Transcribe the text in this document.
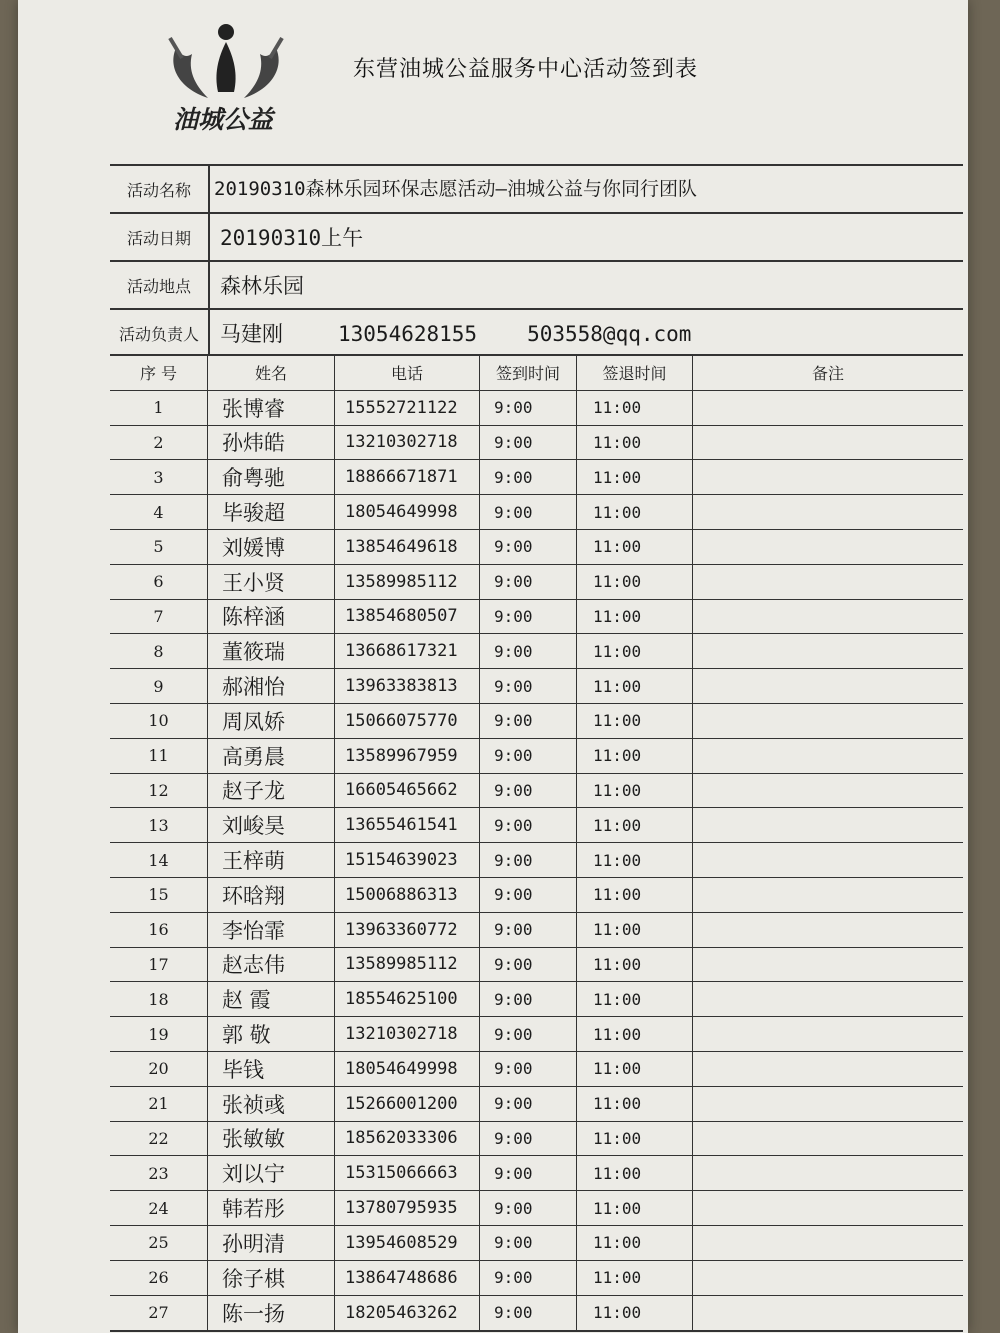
油城公益
东营油城公益服务中心活动签到表
活动名称	20190310森林乐园环保志愿活动—油城公益与你同行团队
活动日期	20190310上午
活动地点	森林乐园
活动负责人	马建刚	13054628155 503558@qq.com
序 号	姓名	电话	签到时间	签退时间	备注
1	张博睿	15552721122	9:00	11:00
2	孙炜皓	13210302718	9:00	11:00
3	俞粤驰	18866671871	9:00	11:00
4	毕骏超	18054649998	9:00	11:00
5	刘媛博	13854649618	9:00	11:00
6	王小贤	13589985112	9:00	11:00
7	陈梓涵	13854680507	9:00	11:00
8	董筱瑞	13668617321	9:00	11:00
9	郝湘怡	13963383813	9:00	11:00
10	周凤娇	15066075770	9:00	11:00
11	高勇晨	13589967959	9:00	11:00
12	赵子龙	16605465662	9:00	11:00
13	刘峻昊	13655461541	9:00	11:00
14	王梓萌	15154639023	9:00	11:00
15	环晗翔	15006886313	9:00	11:00
16	李怡霏	13963360772	9:00	11:00
17	赵志伟	13589985112	9:00	11:00
18	赵 霞	18554625100	9:00	11:00
19	郭 敬	13210302718	9:00	11:00
20	毕钱	18054649998	9:00	11:00
21	张祯彧	15266001200	9:00	11:00
22	张敏敏	18562033306	9:00	11:00
23	刘以宁	15315066663	9:00	11:00
24	韩若彤	13780795935	9:00	11:00
25	孙明清	13954608529	9:00	11:00
26	徐子棋	13864748686	9:00	11:00
27	陈一扬	18205463262	9:00	11:00
